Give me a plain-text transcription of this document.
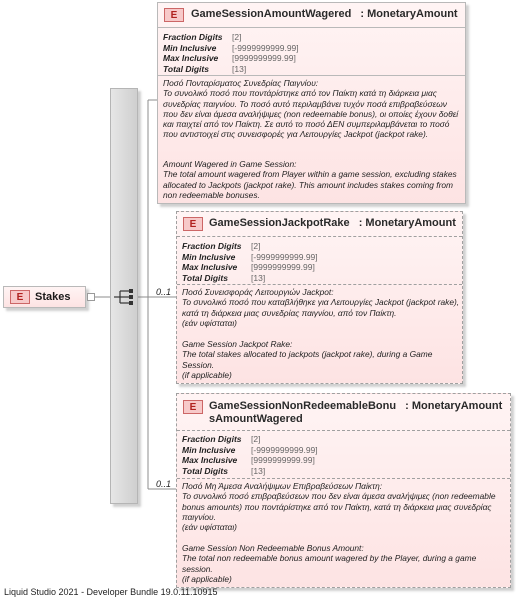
E	Stakes
E	GameSessionAmountWagered : MonetaryAmount
Fraction Digits	[2]
Min Inclusive	[-9999999999.99]
Max Inclusive	[9999999999.99]
Total Digits	[13]
Ποσό Πονταρίσματος Συνεδρίας Παιγνίου:
Το συνολικό ποσό που ποντάρίστηκε από τον Παίκτη κατά τη διάρκεια μιας συνεδρίας παιγνίου. Το ποσό αυτό περιλαμβάνει τυχόν ποσά επιβραβεύσεων που δεν είναι άμεσα αναλήψιμες (non redeemable bonus), οι οποίες έχουν δοθεί και παιχτεί από τον Παίκτη. Σε αυτό το ποσό ΔΕΝ συμπεριλαμβάνεται το ποσό που αντιστοιχεί στις συνεισφορές για Λειτουργίες Jackpot (jackpot rake).
Amount Wagered in Game Session:
The total amount wagered from Player within a game session, excluding stakes allocated to Jackpots (jackpot rake). This amount includes stakes coming from non redeemable bonuses.
0..1
E	GameSessionJackpotRake : MonetaryAmount
Fraction Digits	[2]
Min Inclusive	[-9999999999.99]
Max Inclusive	[9999999999.99]
Total Digits	[13]
Ποσό Συνεισφοράς Λειτουργιών Jackpot:
Το συνολικό ποσό που καταβλήθηκε για Λειτουργίες Jackpot (jackpot rake), κατά τη διάρκεια μιας συνεδρίας παιγνίου, από τον Παίκτη.
(εάν υφίσταται)
Game Session Jackpot Rake:
The total stakes allocated to jackpots (jackpot rake), during a Game Session.
(if applicable)
0..1
E	GameSessionNonRedeemableBonu : MonetaryAmount
sAmountWagered
Fraction Digits	[2]
Min Inclusive	[-9999999999.99]
Max Inclusive	[9999999999.99]
Total Digits	[13]
Ποσό Μη Άμεσα Αναλήψιμων Επιβραβεύσεων Παίκτη:
Το συνολικό ποσό επιβραβεύσεων που δεν είναι άμεσα αναλήψιμες (non redeemable bonus amounts) που ποντάρίστηκε από τον Παίκτη, κατά τη διάρκεια μιας συνεδρίας παιγνίου.
(εάν υφίσταται)
Game Session Non Redeemable Bonus Amount:
The total non redeemable bonus amount wagered by the Player, during a game session.
(if applicable)
Liquid Studio 2021 - Developer Bundle 19.0.11.10915
